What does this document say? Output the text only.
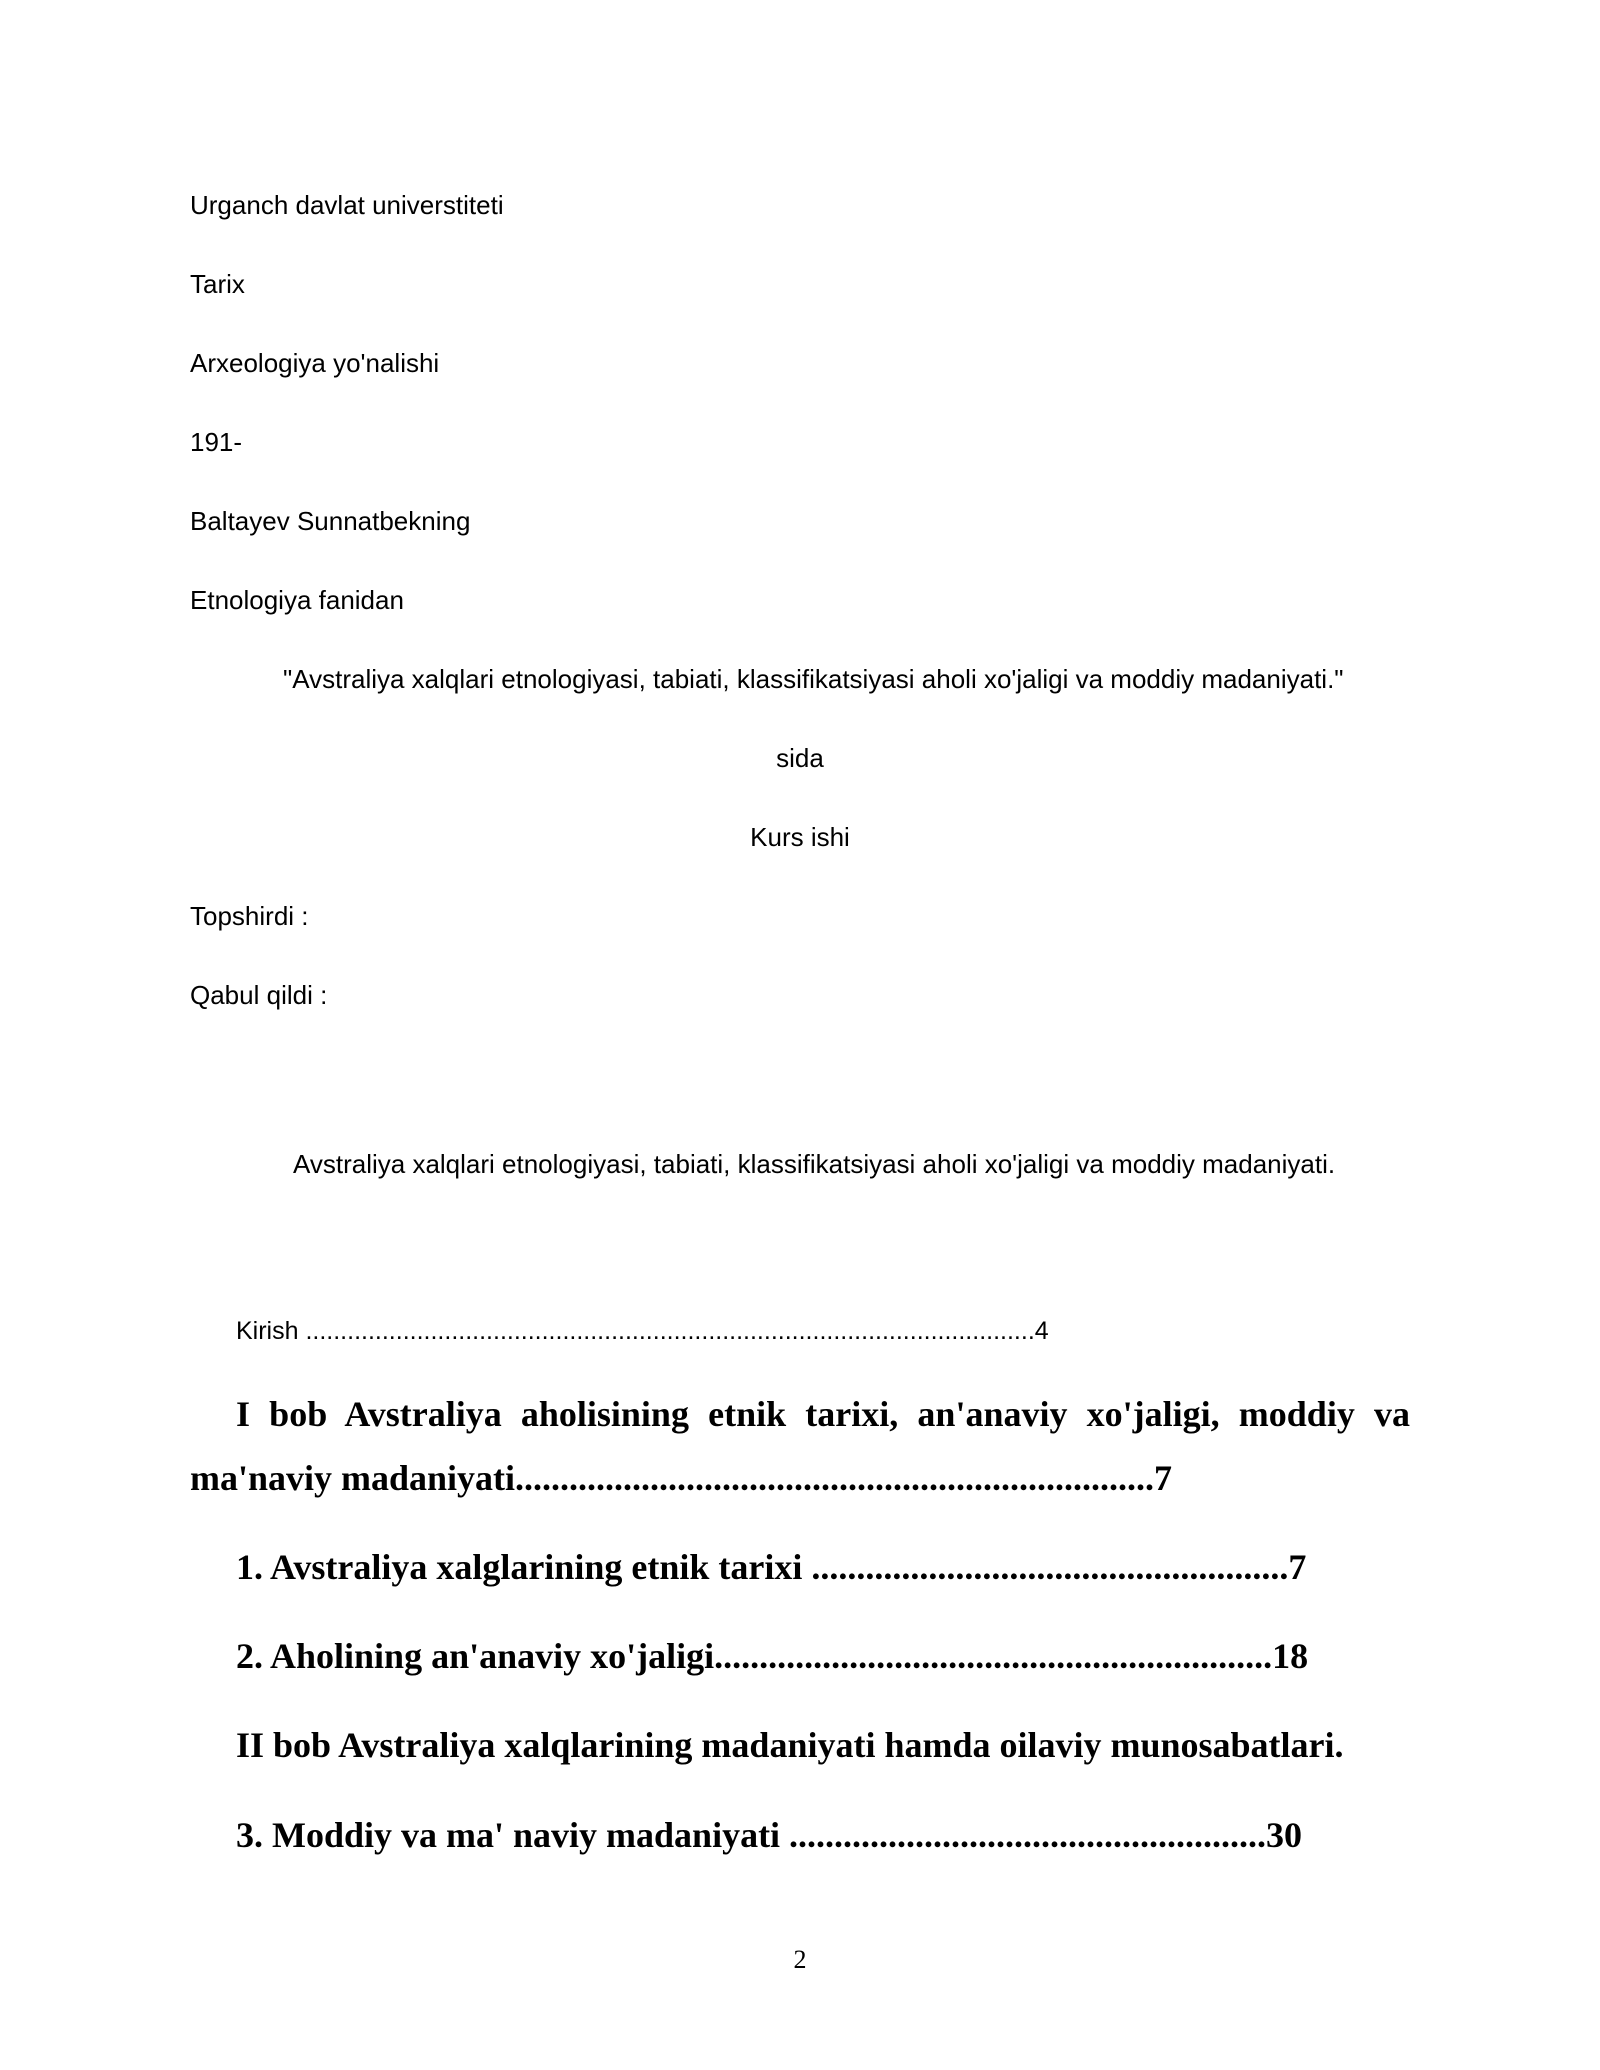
Urganch davlat universtiteti
Tarix
Arxeologiya yo'nalishi
191-
Baltayev Sunnatbekning
Etnologiya fanidan
"Avstraliya xalqlari etnologiyasi, tabiati, klassifikatsiyasi aholi xo'jaligi va moddiy madaniyati."
sida
Kurs ishi
Topshirdi :
Qabul qildi :
Avstraliya xalqlari etnologiyasi, tabiati, klassifikatsiyasi aholi xo'jaligi va moddiy madaniyati.
Kirish .........................................................................................................4
I bob Avstraliya aholisining etnik tarixi, an'anaviy xo'jaligi, moddiy va
ma'naviy madaniyati.......................................................................7
1. Avstraliya xalglarining etnik tarixi .....................................................7
2. Aholining an'anaviy xo'jaligi..............................................................18
II bob Avstraliya xalqlarining madaniyati hamda oilaviy munosabatlari.
3. Moddiy va ma' naviy madaniyati .....................................................30
2
